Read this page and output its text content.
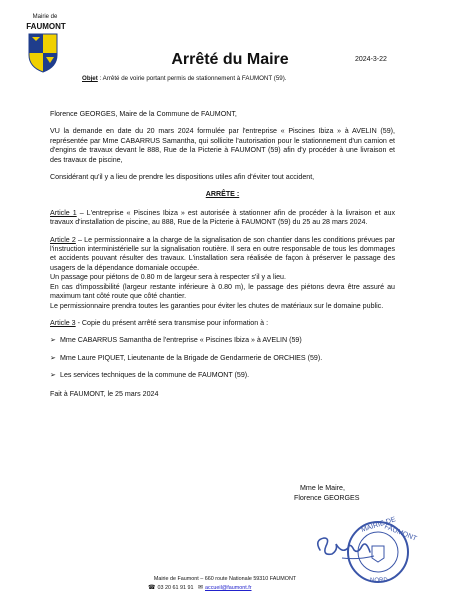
Mairie de
FAUMONT
Arrêté du Maire	2024-3-22
Objet : Arrêté de voirie portant permis de stationnement à FAUMONT (59).

Florence GEORGES, Maire de la Commune de FAUMONT,

VU la demande en date du 20 mars 2024 formulée par l'entreprise « Piscines Ibiza » à AVELIN (59), représentée par Mme CABARRUS Samantha, qui sollicite l'autorisation pour le stationnement d'un camion et d'engins de travaux devant le 888, Rue de la Picterie à FAUMONT (59) afin d'y procéder à une livraison et des travaux de piscine,

Considérant qu'il y a lieu de prendre les dispositions utiles afin d'éviter tout accident,

ARRÊTE :

Article 1 – L'entreprise « Piscines Ibiza » est autorisée à stationner afin de procéder à la livraison et aux travaux d'installation de piscine, au 888, Rue de la Picterie à FAUMONT (59) du 25 au 28 mars 2024.

Article 2 – Le permissionnaire a la charge de la signalisation de son chantier dans les conditions prévues par l'instruction interministérielle sur la signalisation routière. Il sera en outre responsable de tous les dommages et accidents pouvant résulter des travaux. L'installation sera réalisée de façon à préserver le passage des usagers de la dépendance domaniale occupée.

Un passage pour piétons de 0.80 m de largeur sera à respecter s'il y a lieu.

En cas d'impossibilité (largeur restante inférieure à 0.80 m), le passage des piétons devra être assuré au maximum tant côté route que côté chantier.

Le permissionnaire prendra toutes les garanties pour éviter les chutes de matériaux sur le domaine public.

Article 3 - Copie du présent arrêté sera transmise pour information à :

➢ Mme CABARRUS Samantha de l'entreprise « Piscines Ibiza » à AVELIN (59)

➢ Mme Laure PIQUET, Lieutenante de la Brigade de Gendarmerie de ORCHIES (59).

➢ Les services techniques de la commune de FAUMONT (59).

Fait à FAUMONT, le 25 mars 2024

Mme le Maire,
Florence GEORGES
MAIRIE DE
FAUMONT
NORD
Mairie de Faumont – 660 route Nationale 59310 FAUMONT
☎ 03 20 61 91 91 ✉ accueil@faumont.fr
